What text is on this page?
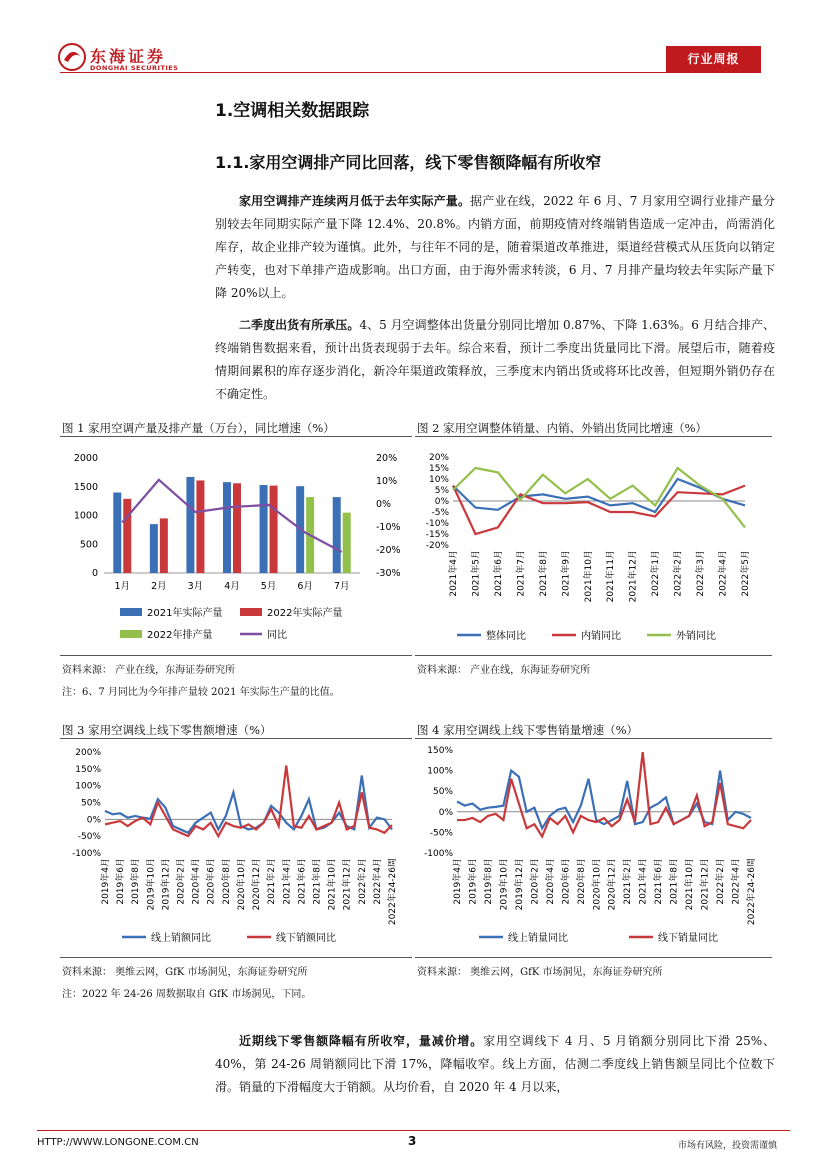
东海证券
DONGHAI SECURITIES
行业周报
1.空调相关数据跟踪
1.1.家用空调排产同比回落，线下零售额降幅有所收窄
家用空调排产连续两月低于去年实际产量。据产业在线，2022 年 6 月、7 月家用空调行业排产量分别较去年同期实际产量下降 12.4%、20.8%。内销方面，前期疫情对终端销售造成一定冲击，尚需消化库存，故企业排产较为谨慎。此外，与往年不同的是，随着渠道改革推进，渠道经营模式从压货向以销定产转变，也对下单排产造成影响。出口方面，由于海外需求转淡，6 月、7 月排产量均较去年实际产量下降 20%以上。
二季度出货有所承压。4、5 月空调整体出货量分别同比增加 0.87%、下降 1.63%。6 月结合排产、终端销售数据来看，预计出货表现弱于去年。综合来看，预计二季度出货量同比下滑。展望后市，随着疫情期间累积的库存逐步消化，新冷年渠道政策释放，三季度末内销出货或将环比改善，但短期外销仍存在不确定性。
图 1 家用空调产量及排产量（万台），同比增速（%）
0
500
1000
1500
2000	20%
10%
0%
-10%
-20%
-30%
1月 2月 3月 4月 5月 6月 7月
2021年实际产量	2022年实际产量
2022年排产量	同比
资料来源： 产业在线，东海证券研究所
注：6、7 月同比为今年排产量较 2021 年实际生产量的比值。
图 2 家用空调整体销量、内销、外销出货同比增速（%）
20%
15%
10%
5%
0%
-5%
-10%
-15%
-20%
2021年4月 2021年5月 2021年6月 2021年7月 2021年8月 2021年9月 2021年10月 2021年11月 2021年12月 2022年1月 2022年2月 2022年3月 2022年4月 2022年5月
整体同比	内销同比	外销同比
资料来源： 产业在线，东海证券研究所
图 3 家用空调线上线下零售额增速（%）
200%
150%
100%
50%
0%
-50%
-100%
2019年4月 2019年6月 2019年8月 2019年10月 2019年12月 2020年2月 2020年4月 2020年6月 2020年8月 2020年10月 2020年12月 2021年2月 2021年4月 2021年6月 2021年8月 2021年10月 2021年12月 2022年2月 2022年4月 2022年24-26周
线上销额同比	线下销额同比
资料来源： 奥维云网，GfK 市场洞见，东海证券研究所
注：2022 年 24-26 周数据取自 GfK 市场洞见，下同。
图 4 家用空调线上线下零售销量增速（%）
150%
100%
50%
0%
-50%
-100%
2019年4月 2019年6月 2019年8月 2019年10月 2019年12月 2020年2月 2020年4月 2020年6月 2020年8月 2020年10月 2020年12月 2021年2月 2021年4月 2021年6月 2021年8月 2021年10月 2021年12月 2022年2月 2022年4月 2022年24-26周
线上销量同比	线下销量同比
资料来源： 奥维云网，GfK 市场洞见，东海证券研究所
近期线下零售额降幅有所收窄，量减价增。家用空调线下 4 月、5 月销额分别同比下滑 25%、40%，第 24-26 周销额同比下滑 17%，降幅收窄。线上方面，估测二季度线上销售额呈同比个位数下滑。销量的下滑幅度大于销额。从均价看，自 2020 年 4 月以来，
HTTP://WWW.LONGONE.COM.CN	3	市场有风险，投资需谨慎
